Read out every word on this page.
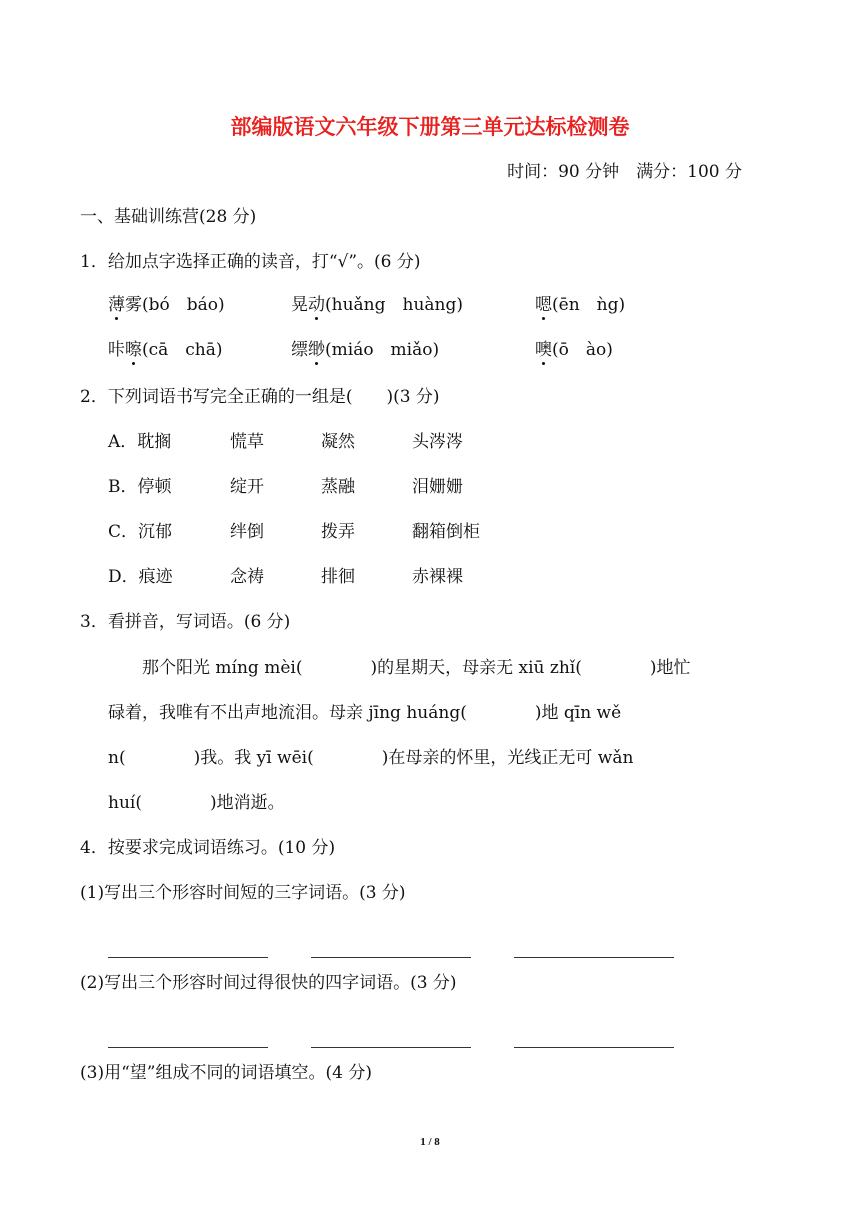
部编版语文六年级下册第三单元达标检测卷
时间：90 分钟　满分：100 分
一、基础训练营(28 分)
1．给加点字选择正确的读音，打“√”。(6 分)
薄雾(bó　báo)	晃动(huǎng　huàng)	嗯(ēn　ǹg)
咔嚓(cā　chā)	缥缈(miáo　miǎo)	噢(ō　ào)
2．下列词语书写完全正确的一组是(　　)(3 分)
A．耽搁	慌草	凝然	头涔涔
B．停顿	绽开	蒸融	泪姗姗
C．沉郁	绊倒	拨弄	翻箱倒柜
D．痕迹	念祷	排徊	赤裸裸
3．看拼音，写词语。(6 分)
　　那个阳光 míng mèi(　　　　)的星期天，母亲无 xiū zhǐ(　　　　)地忙
碌着，我唯有不出声地流泪。母亲 jīng huáng(　　　　)地 qīn wě
n(　　　　)我。我 yī wēi(　　　　)在母亲的怀里，光线正无可 wǎn
huí(　　　　)地消逝。
4．按要求完成词语练习。(10 分)
(1)写出三个形容时间短的三字词语。(3 分)
(2)写出三个形容时间过得很快的四字词语。(3 分)
(3)用“望”组成不同的词语填空。(4 分)
1 / 8
